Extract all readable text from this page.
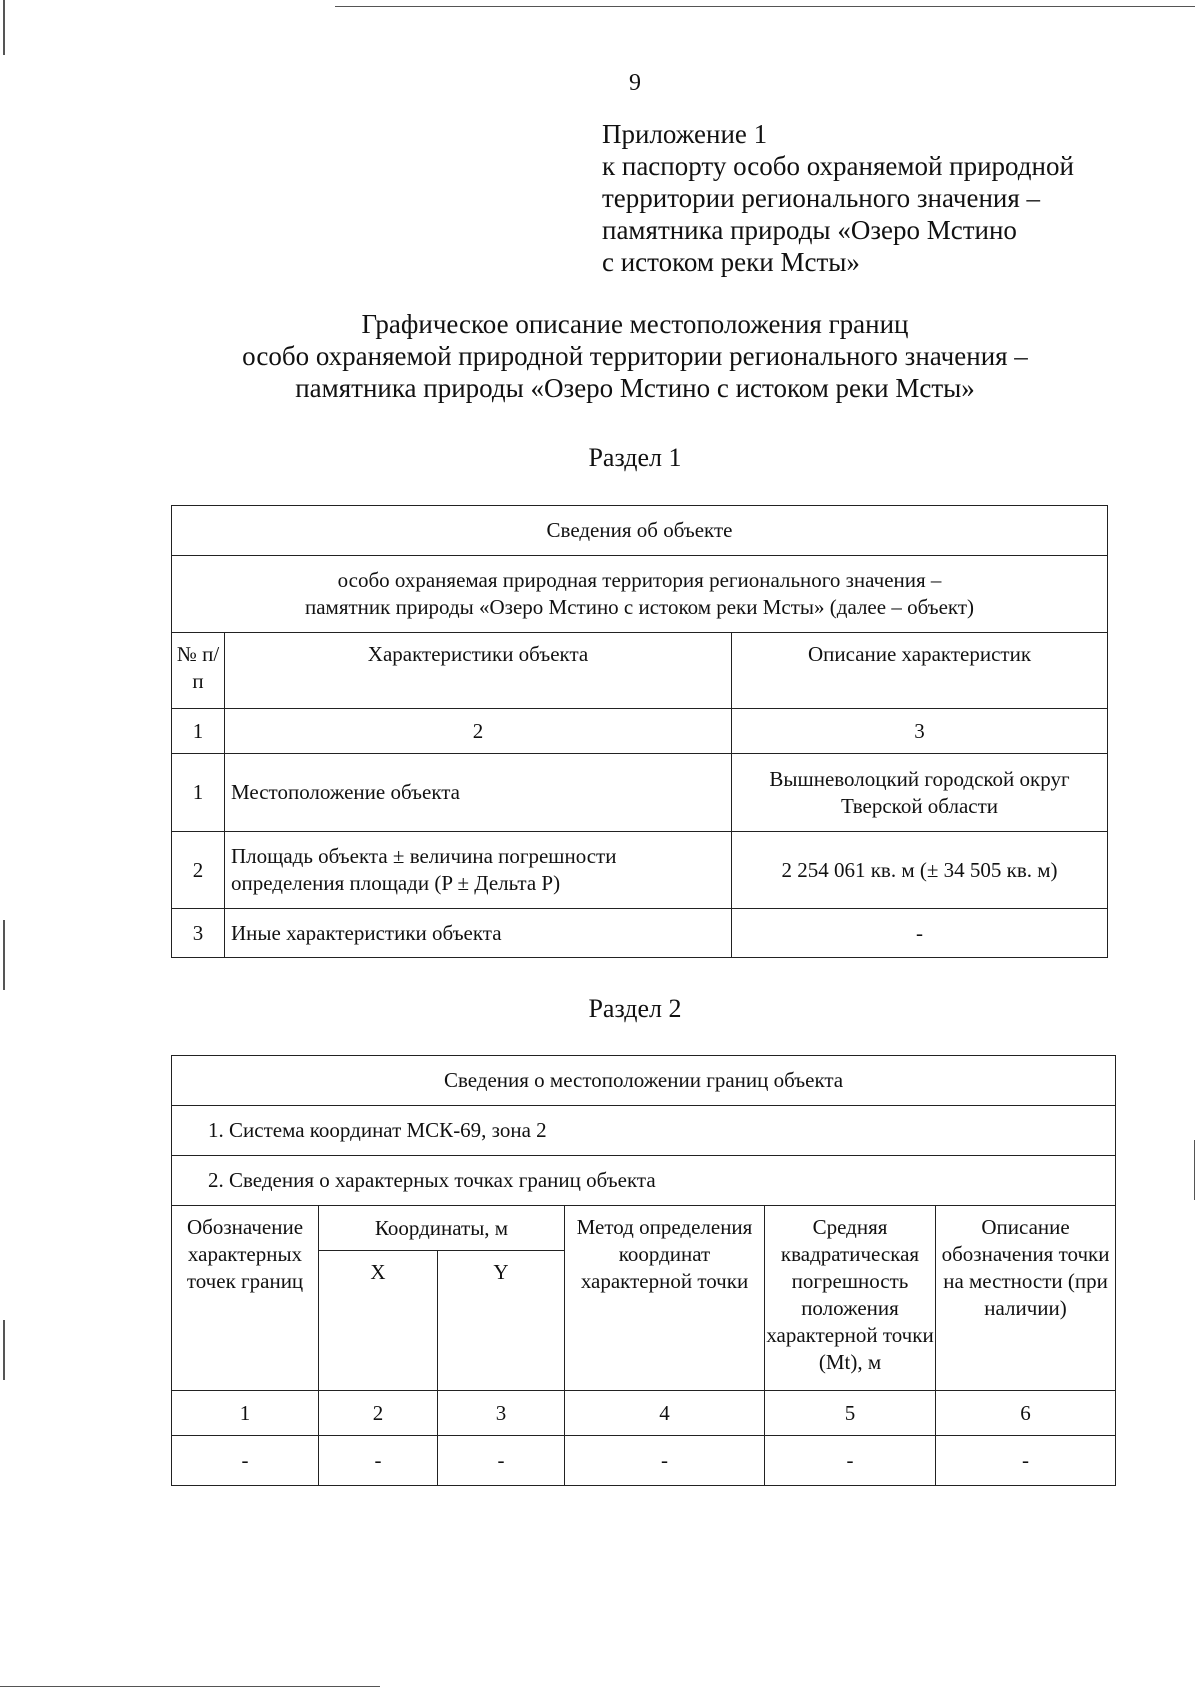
9
Приложение 1
к паспорту особо охраняемой природной
территории регионального значения –
памятника природы «Озеро Мстино
с истоком реки Мсты»
Графическое описание местоположения границ
особо охраняемой природной территории регионального значения –
памятника природы «Озеро Мстино с истоком реки Мсты»
Раздел 1
Сведения об объекте		

особо охраняемая природная территория регионального значения –
памятник природы «Озеро Мстино с истоком реки Мсты» (далее – объект)		

№ п/п	Характеристики объекта	Описание характеристик
1	2	3
1	Местоположение объекта	Вышневолоцкий городской округ Тверской области
2	Площадь объекта ± величина погрешности определения площади (P ± Дельта P)	2 254 061 кв. м (± 34 505 кв. м)
3	Иные характеристики объекта	-
Раздел 2
Сведения о местоположении границ объекта					
1. Система координат МСК-69, зона 2					
2. Сведения о характерных точках границ объекта					
Обозначение характерных точек границ	Координаты, м		Метод определения координат характерной точки	Средняя квадратическая погрешность положения характерной точки (Mt), м	Описание обозначения точки на местности (при наличии)
	X	Y			
1	2	3	4	5	6
-	-	-	-	-	-
